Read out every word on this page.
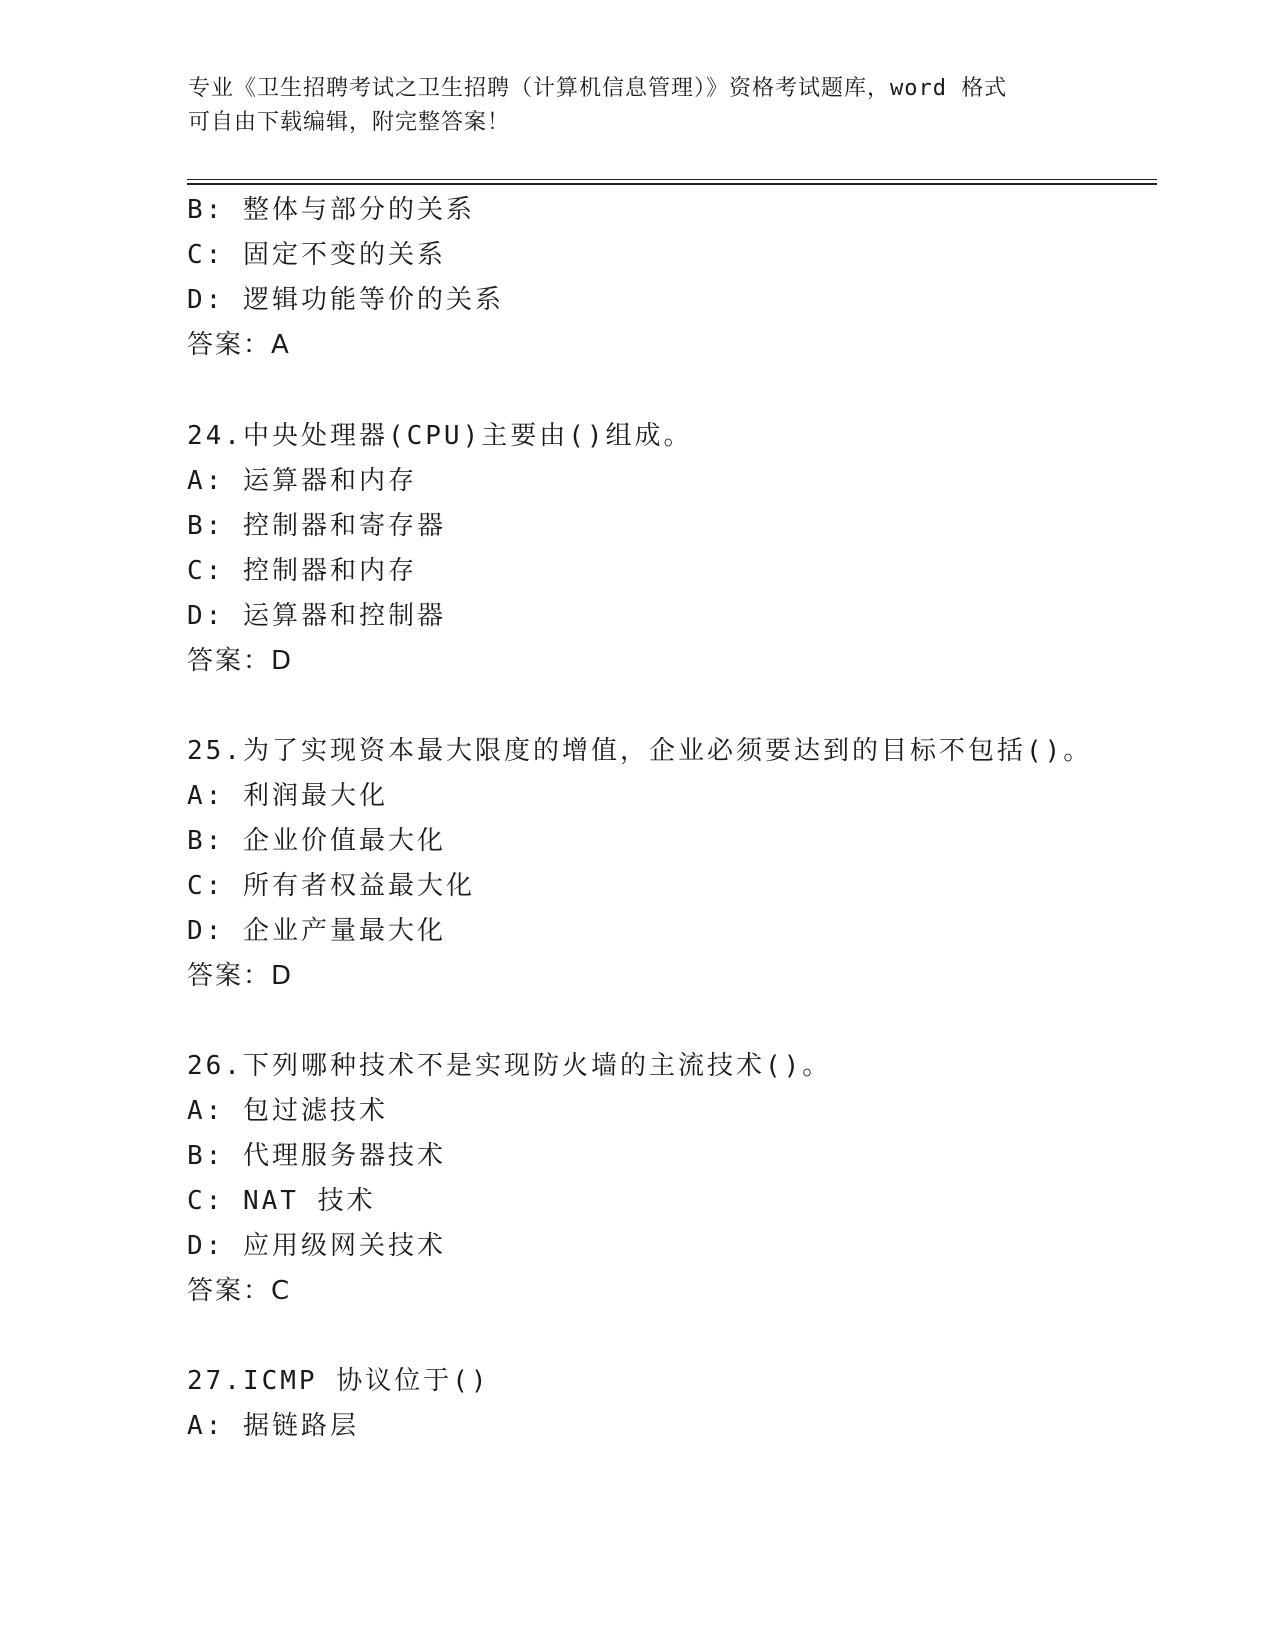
专业《卫生招聘考试之卫生招聘（计算机信息管理）》资格考试题库，word 格式
可自由下载编辑，附完整答案！
B: 整体与部分的关系
C: 固定不变的关系
D: 逻辑功能等价的关系
答案：A
24.中央处理器(CPU)主要由()组成。
A: 运算器和内存
B: 控制器和寄存器
C: 控制器和内存
D: 运算器和控制器
答案：D
25.为了实现资本最大限度的增值，企业必须要达到的目标不包括()。
A: 利润最大化
B: 企业价值最大化
C: 所有者权益最大化
D: 企业产量最大化
答案：D
26.下列哪种技术不是实现防火墙的主流技术()。
A: 包过滤技术
B: 代理服务器技术
C: NAT 技术
D: 应用级网关技术
答案：C
27.ICMP 协议位于()
A: 据链路层
